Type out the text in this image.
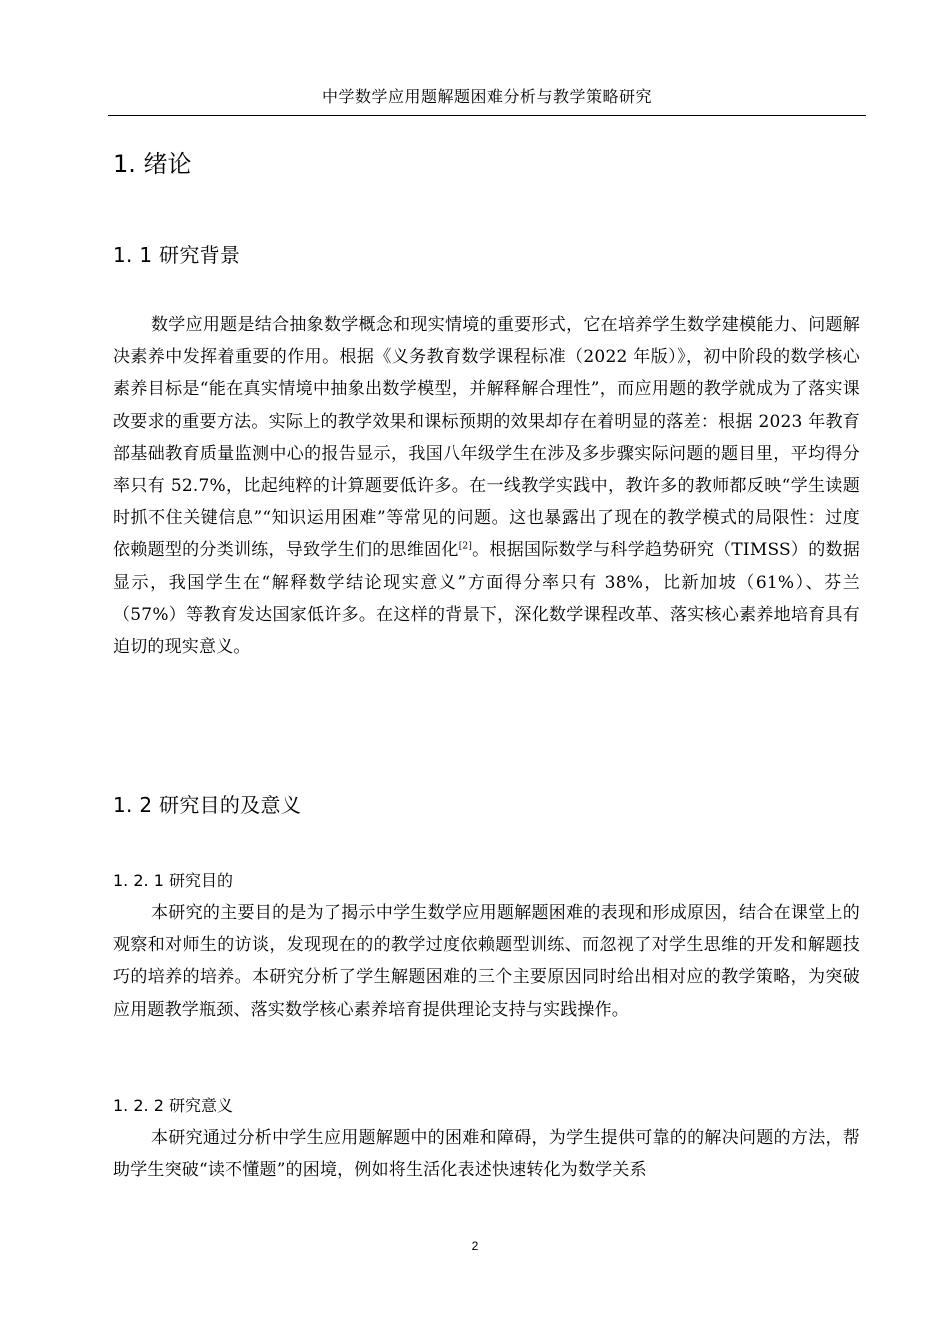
中学数学应用题解题困难分析与教学策略研究
1. 绪论
1. 1 研究背景

数学应用题是结合抽象数学概念和现实情境的重要形式，它在培养学生数学建模能力、问题解决素养中发挥着重要的作用。根据《义务教育数学课程标准（2022 年版）》，初中阶段的数学核心素养目标是“能在真实情境中抽象出数学模型，并解释解合理性”，而应用题的教学就成为了落实课改要求的重要方法。实际上的教学效果和课标预期的效果却存在着明显的落差：根据 2023 年教育部基础教育质量监测中心的报告显示，我国八年级学生在涉及多步骤实际问题的题目里，平均得分率只有 52.7%，比起纯粹的计算题要低许多。在一线教学实践中，教许多的教师都反映“学生读题时抓不住关键信息”“知识运用困难”等常见的问题。这也暴露出了现在的教学模式的局限性：过度依赖题型的分类训练，导致学生们的思维固化[2]。根据国际数学与科学趋势研究（TIMSS）的数据显示，我国学生在“解释数学结论现实意义”方面得分率只有 38%，比新加坡（61%）、芬兰（57%）等教育发达国家低许多。在这样的背景下，深化数学课程改革、落实核心素养地培育具有迫切的现实意义。

1. 2 研究目的及意义
1. 2. 1 研究目的

本研究的主要目的是为了揭示中学生数学应用题解题困难的表现和形成原因，结合在课堂上的观察和对师生的访谈，发现现在的的教学过度依赖题型训练、而忽视了对学生思维的开发和解题技巧的培养的培养。本研究分析了学生解题困难的三个主要原因同时给出相对应的教学策略，为突破应用题教学瓶颈、落实数学核心素养培育提供理论支持与实践操作。

1. 2. 2 研究意义

本研究通过分析中学生应用题解题中的困难和障碍，为学生提供可靠的的解决问题的方法，帮助学生突破“读不懂题”的困境，例如将生活化表述快速转化为数学关系

2
